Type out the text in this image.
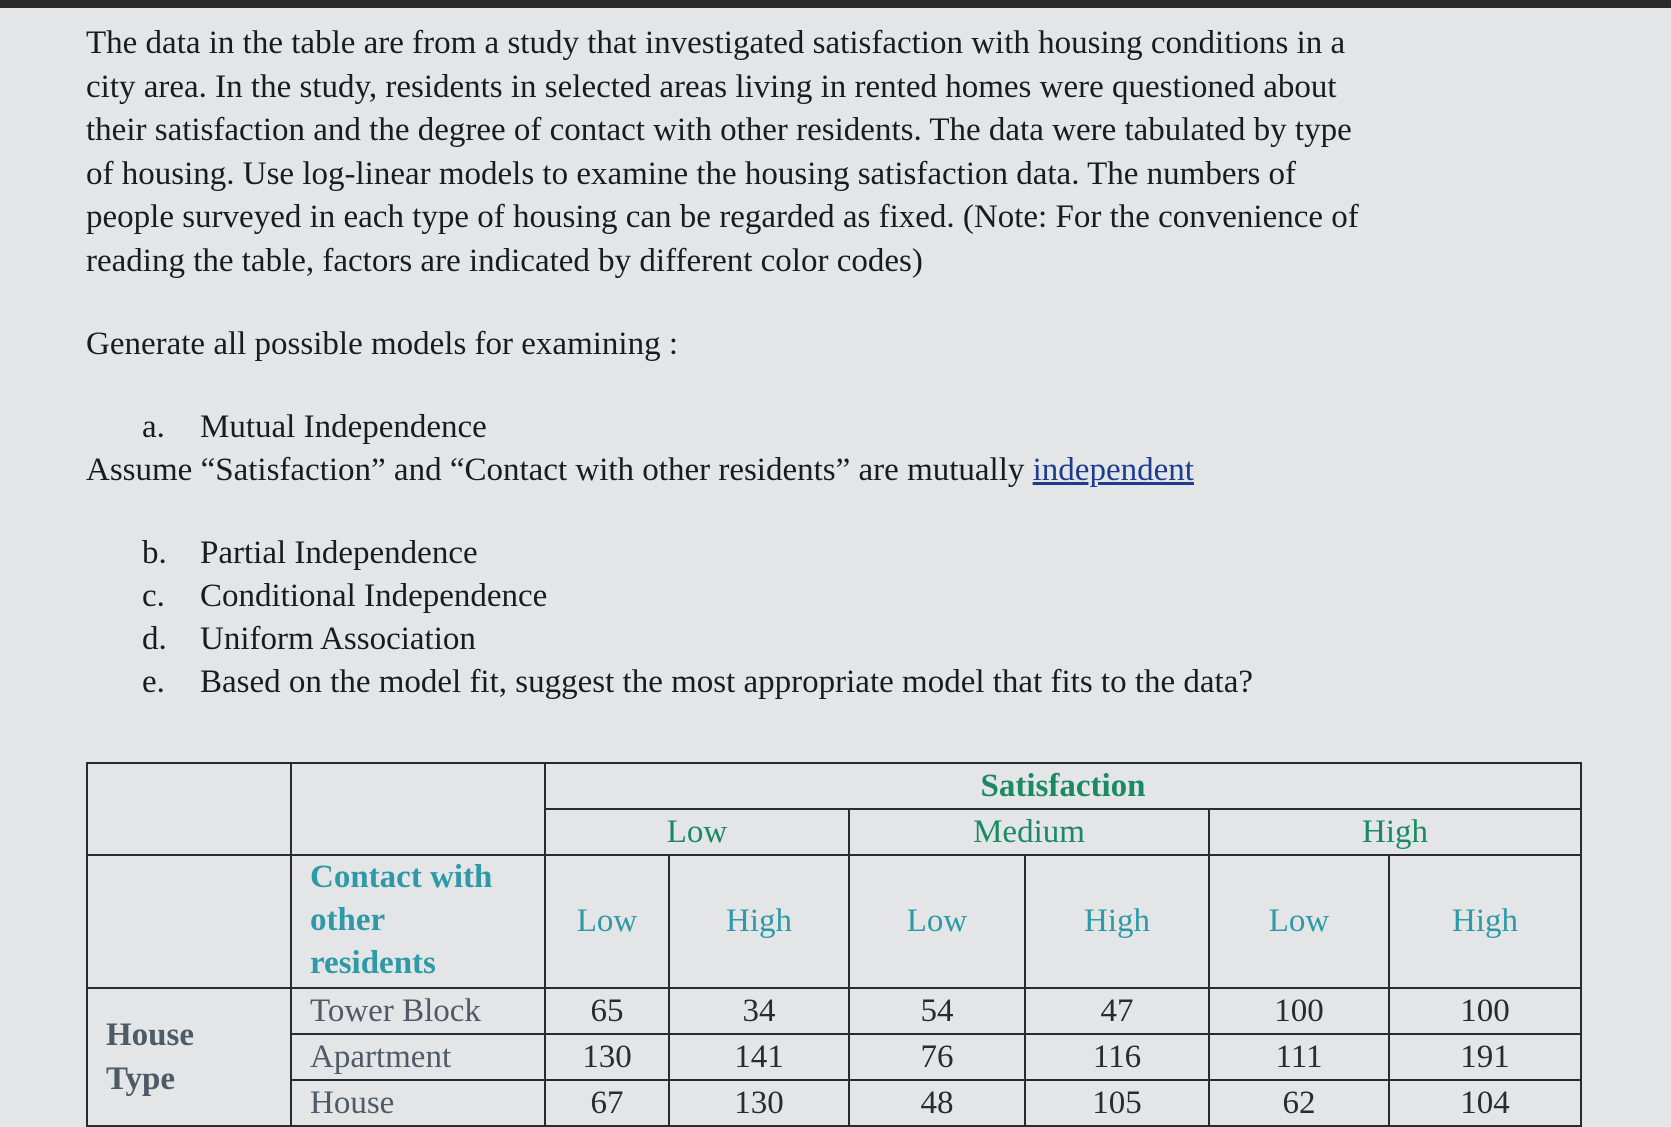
The data in the table are from a study that investigated satisfaction with housing conditions in a
city area. In the study, residents in selected areas living in rented homes were questioned about
their satisfaction and the degree of contact with other residents. The data were tabulated by type
of housing. Use log-linear models to examine the housing satisfaction data. The numbers of
people surveyed in each type of housing can be regarded as fixed. (Note: For the convenience of
reading the table, factors are indicated by different color codes)

Generate all possible models for examining :

a.	Mutual Independence

Assume “Satisfaction” and “Contact with other residents” are mutually independent

b.	Partial Independence
c.	Conditional Independence
d.	Uniform Association
e.	Based on the model fit, suggest the most appropriate model that fits to the data?
		Satisfaction					
		Low		Medium		High	
	Contact with
other
residents	Low	High	Low	High	Low	High
House
Type	Tower Block	65	34	54	47	100	100
	Apartment	130	141	76	116	111	191
	House	67	130	48	105	62	104
